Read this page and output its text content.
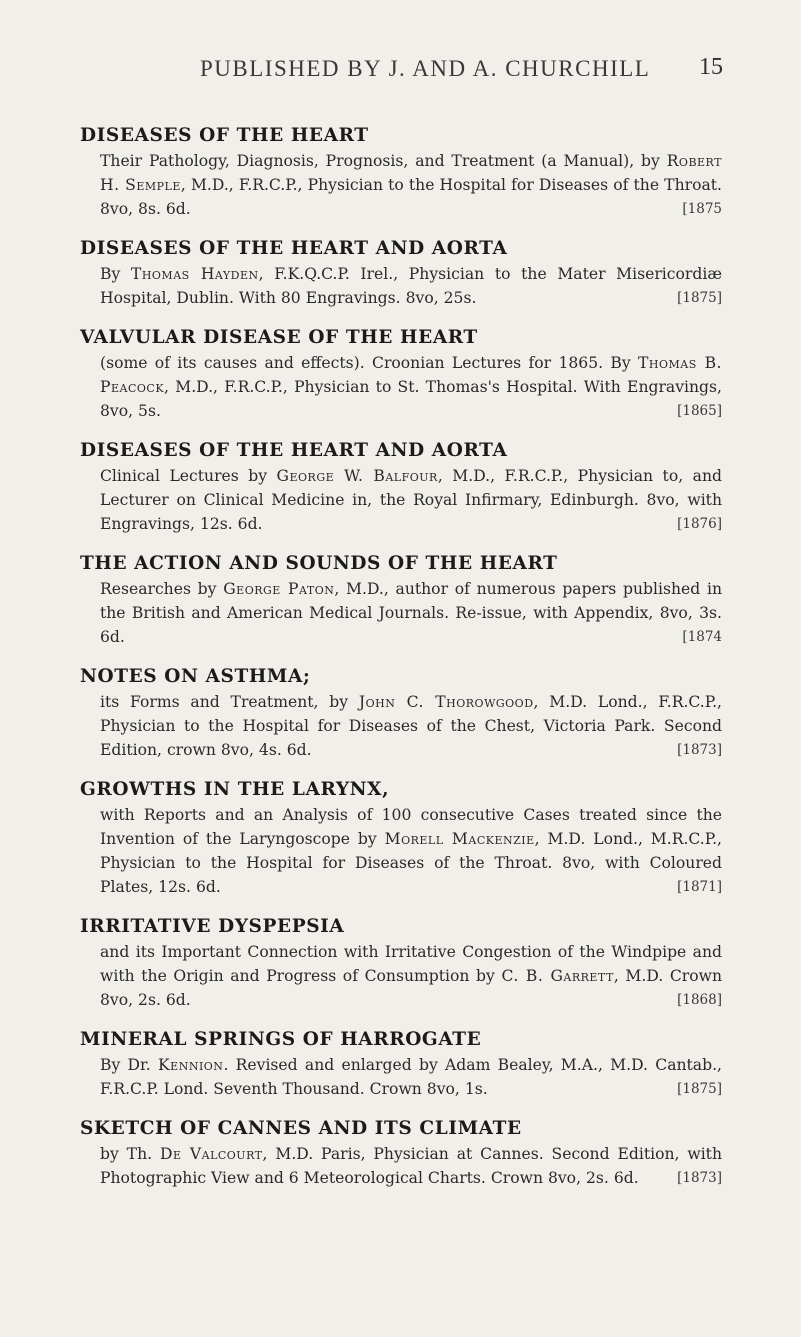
PUBLISHED BY J. AND A. CHURCHILL 15
DISEASES OF THE HEART
Their Pathology, Diagnosis, Prognosis, and Treatment (a Manual), by Robert H. Semple, M.D., F.R.C.P., Physician to the Hospital for Diseases of the Throat. 8vo, 8s. 6d.	[1875
DISEASES OF THE HEART AND AORTA
By Thomas Hayden, F.K.Q.C.P. Irel., Physician to the Mater Misericordiæ Hospital, Dublin. With 80 Engravings. 8vo, 25s.	[1875]
VALVULAR DISEASE OF THE HEART
(some of its causes and effects). Croonian Lectures for 1865. By Thomas B. Peacock, M.D., F.R.C.P., Physician to St. Thomas's Hospital. With Engravings, 8vo, 5s.	[1865]
DISEASES OF THE HEART AND AORTA
Clinical Lectures by George W. Balfour, M.D., F.R.C.P., Physician to, and Lecturer on Clinical Medicine in, the Royal Infirmary, Edinburgh. 8vo, with Engravings, 12s. 6d.	[1876]
THE ACTION AND SOUNDS OF THE HEART
Researches by George Paton, M.D., author of numerous papers published in the British and American Medical Journals. Re-issue, with Appendix, 8vo, 3s. 6d.	[1874
NOTES ON ASTHMA;
its Forms and Treatment, by John C. Thorowgood, M.D. Lond., F.R.C.P., Physician to the Hospital for Diseases of the Chest, Victoria Park. Second Edition, crown 8vo, 4s. 6d.	[1873]
GROWTHS IN THE LARYNX,
with Reports and an Analysis of 100 consecutive Cases treated since the Invention of the Laryngoscope by Morell Mackenzie, M.D. Lond., M.R.C.P., Physician to the Hospital for Diseases of the Throat. 8vo, with Coloured Plates, 12s. 6d.	[1871]
IRRITATIVE DYSPEPSIA
and its Important Connection with Irritative Congestion of the Windpipe and with the Origin and Progress of Consumption by C. B. Garrett, M.D. Crown 8vo, 2s. 6d.	[1868]
MINERAL SPRINGS OF HARROGATE
By Dr. Kennion. Revised and enlarged by Adam Bealey, M.A., M.D. Cantab., F.R.C.P. Lond. Seventh Thousand. Crown 8vo, 1s.	[1875]
SKETCH OF CANNES AND ITS CLIMATE
by Th. De Valcourt, M.D. Paris, Physician at Cannes. Second Edition, with Photographic View and 6 Meteorological Charts. Crown 8vo, 2s. 6d.	[1873]
